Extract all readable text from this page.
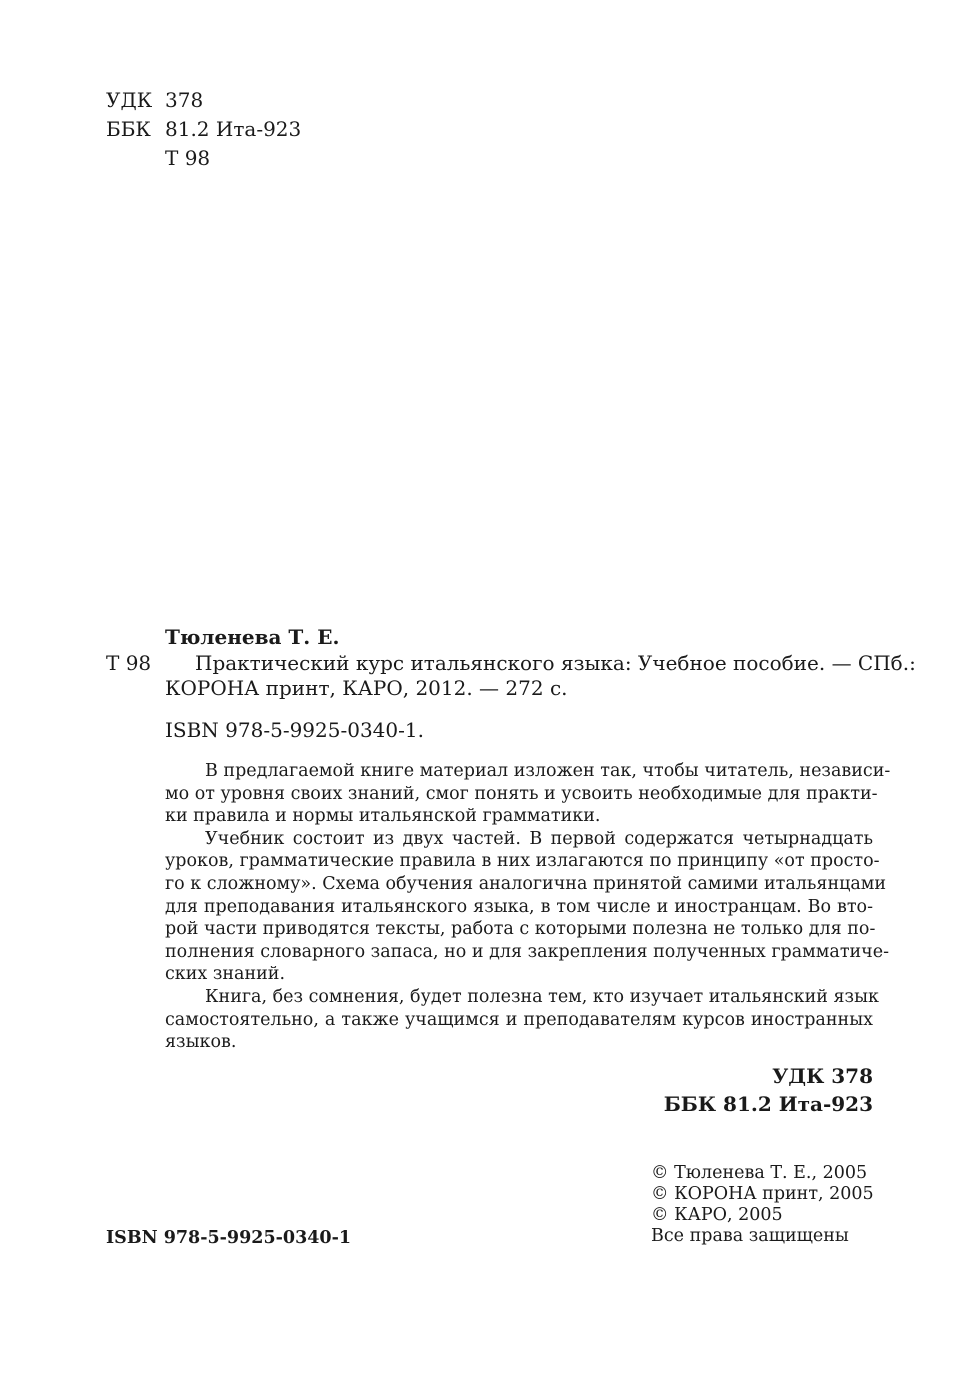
УДК 378
ББК 81.2 Ита-923
Т 98
Тюленева Т. Е.
Т 98 Практический курс итальянского языка: Учебное пособие. — СПб.:
КОРОНА принт, КАРО, 2012. — 272 с.
ISBN 978-5-9925-0340-1.

В предлагаемой книге материал изложен так, чтобы читатель, независи-
мо от уровня своих знаний, смог понять и усвоить необходимые для практи-
ки правила и нормы итальянской грамматики.

Учебник состоит из двух частей. В первой содержатся четырнадцать
уроков, грамматические правила в них излагаются по принципу «от просто-
го к сложному». Схема обучения аналогична принятой самими итальянцами
для преподавания итальянского языка, в том числе и иностранцам. Во вто-
рой части приводятся тексты, работа с которыми полезна не только для по-
полнения словарного запаса, но и для закрепления полученных грамматиче-
ских знаний.

Книга, без сомнения, будет полезна тем, кто изучает итальянский язык
самостоятельно, а также учащимся и преподавателям курсов иностранных
языков.

УДК 378
ББК 81.2 Ита-923
© Тюленева Т. Е., 2005
© КОРОНА принт, 2005
© КАРО, 2005
Все права защищены
ISBN 978-5-9925-0340-1
